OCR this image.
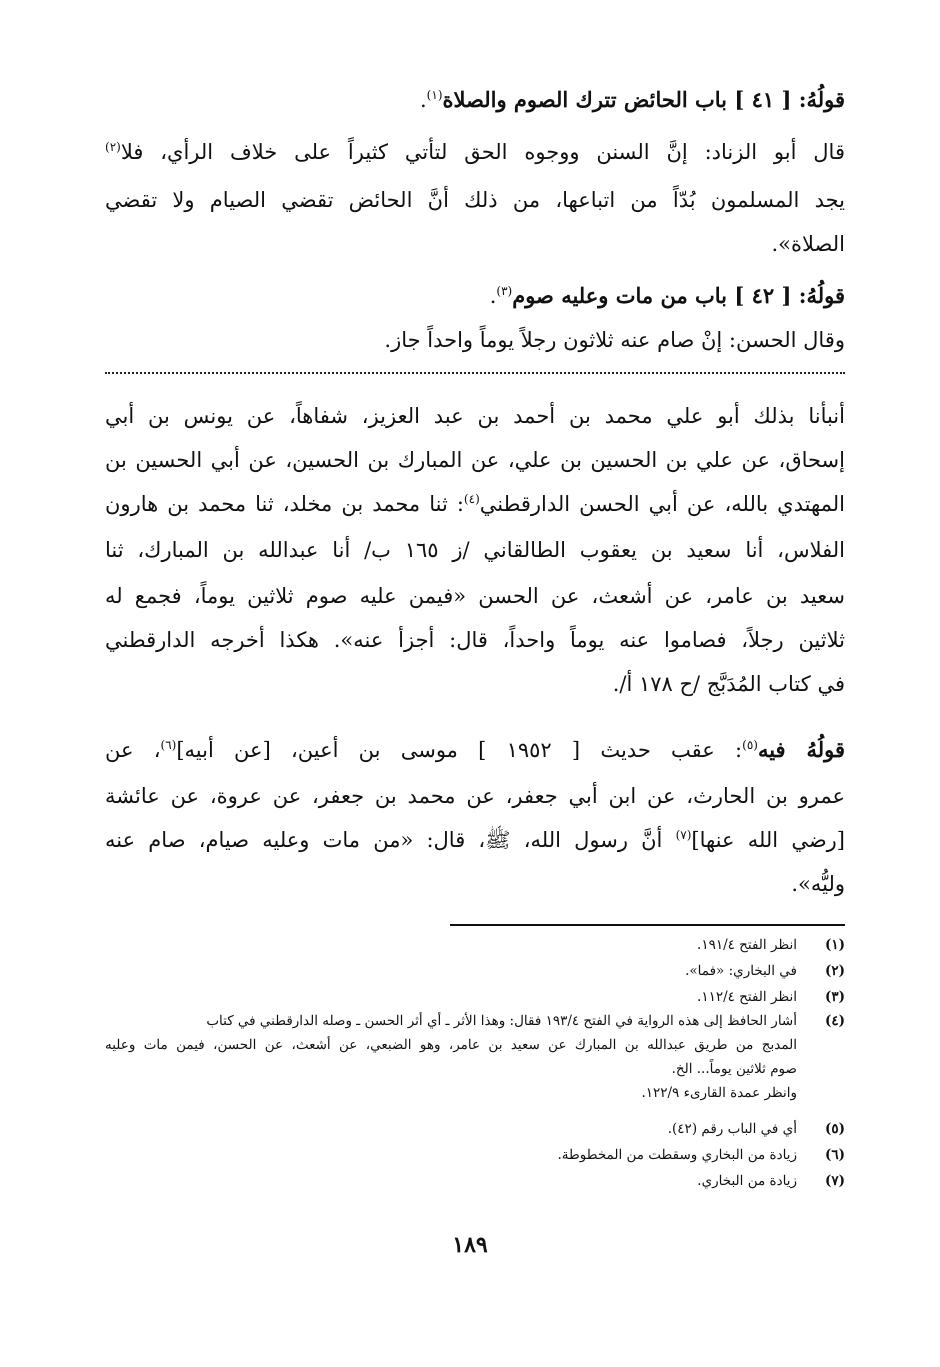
قولُهُ: [ ٤١ ] باب الحائض تترك الصوم والصلاة$^{(١)}$.
قال أبو الزناد: إنَّ السنن ووجوه الحق لتأتي كثيراً على خلاف الرأي، فلا$^{(٢)}$
يجد المسلمون بُدّاً من اتباعها، من ذلك أنَّ الحائض تقضي الصيام ولا تقضي
الصلاة».
قولُهُ: [ ٤٢ ] باب من مات وعليه صوم$^{(٣)}$.
وقال الحسن: إنْ صام عنه ثلاثون رجلاً يوماً واحداً جاز.
أنبأنا بذلك أبو علي محمد بن أحمد بن عبد العزيز، شفاهاً، عن يونس بن أبي
إسحاق، عن علي بن الحسين بن علي، عن المبارك بن الحسين، عن أبي الحسين بن
المهتدي بالله، عن أبي الحسن الدارقطني$^{(٤)}$: ثنا محمد بن مخلد، ثنا محمد بن هارون
الفلاس، أنا سعيد بن يعقوب الطالقاني /ز ١٦٥ ب/ أنا عبدالله بن المبارك، ثنا
سعيد بن عامر، عن أشعث، عن الحسن «فيمن عليه صوم ثلاثين يوماً، فجمع له
ثلاثين رجلاً، فصاموا عنه يوماً واحداً، قال: أجزأ عنه». هكذا أخرجه الدارقطني
في كتاب المُدَبَّج /ح ١٧٨ أ/.
قولُهُ فيه$^{(٥)}$: عقب حديث [ ١٩٥٢ ] موسى بن أعين، [عن أبيه]$^{(٦)}$، عن
عمرو بن الحارث، عن ابن أبي جعفر، عن محمد بن جعفر، عن عروة، عن عائشة
[رضي الله عنها]$^{(٧)}$ أنَّ رسول الله، ﷺ، قال: «من مات وعليه صيام، صام عنه
وليُّه».
(١)انظر الفتح ١٩١/٤.
(٢)في البخاري: «فما».
(٣)انظر الفتح ١١٢/٤.
(٤)أشار الحافظ إلى هذه الرواية في الفتح ١٩٣/٤ فقال: وهذا الأثر ـ أي أثر الحسن ـ وصله الدارقطني في كتاب
المدبج من طريق عبدالله بن المبارك عن سعيد بن عامر، وهو الضبعي، عن أشعث، عن الحسن، فيمن مات وعليه
صوم ثلاثين يوماً... الخ.
وانظر عمدة القارىء ١٢٢/٩.
(٥)أي في الباب رقم (٤٢).
(٦)زيادة من البخاري وسقطت من المخطوطة.
(٧)زيادة من البخاري.
١٨٩
